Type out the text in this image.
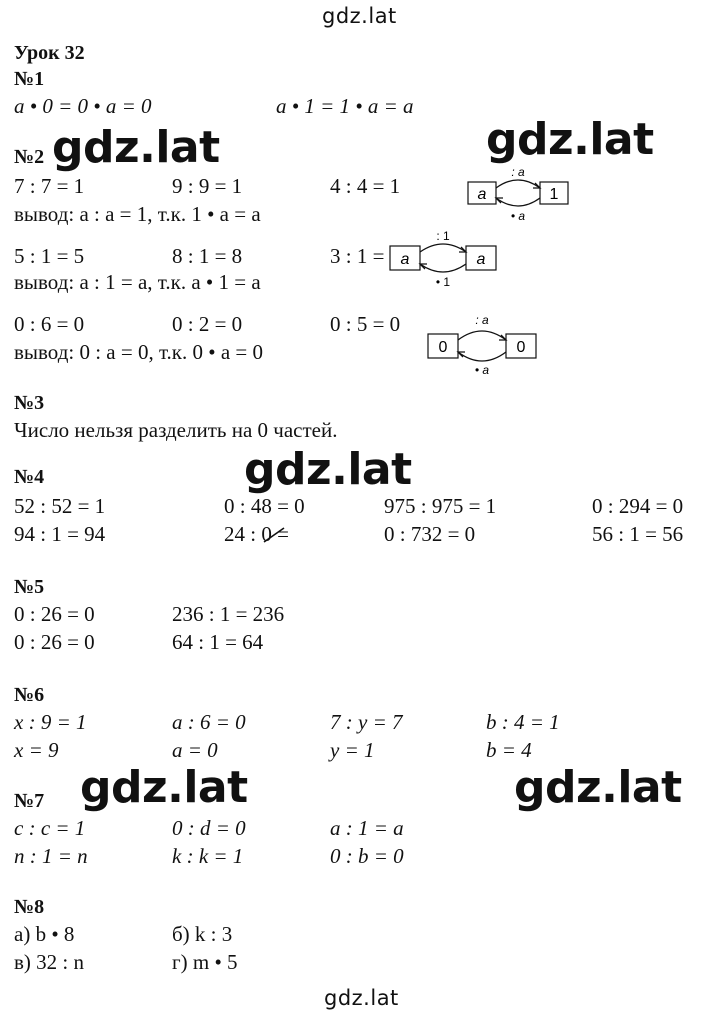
gdz.lat
gdz.lat	gdz.lat
gdz.lat
gdz.lat	gdz.lat
gdz.lat
Урок 32
№1
a • 0 = 0 • a = 0	a • 1 = 1 • a = a
№2
7 : 7 = 1	9 : 9 = 1	4 : 4 = 1
вывод: a : a = 1, т.к. 1 • a = a
5 : 1 = 5	8 : 1 = 8	3 : 1 =
вывод: a : 1 = a, т.к. a • 1 = a
0 : 6 = 0	0 : 2 = 0	0 : 5 = 0
вывод: 0 : a = 0, т.к. 0 • a = 0
a	1
: a
• a
a	a
: 1
• 1
0	0
: a
• a
№3
Число нельзя разделить на 0 частей.
№4
52 : 52 = 1	0 : 48 = 0	975 : 975 = 1	0 : 294 = 0
94 : 1 = 94	24 : 0 =	0 : 732 = 0	56 : 1 = 56
№5
0 : 26 = 0	236 : 1 = 236
0 : 26 = 0	64 : 1 = 64
№6
x : 9 = 1	a : 6 = 0	7 : y = 7	b : 4 = 1
x = 9	a = 0	y = 1	b = 4
№7
c : c = 1	0 : d = 0	a : 1 = a
n : 1 = n	k : k = 1	0 : b = 0
№8
а) b • 8	б) k : 3
в) 32 : n	г) m • 5
